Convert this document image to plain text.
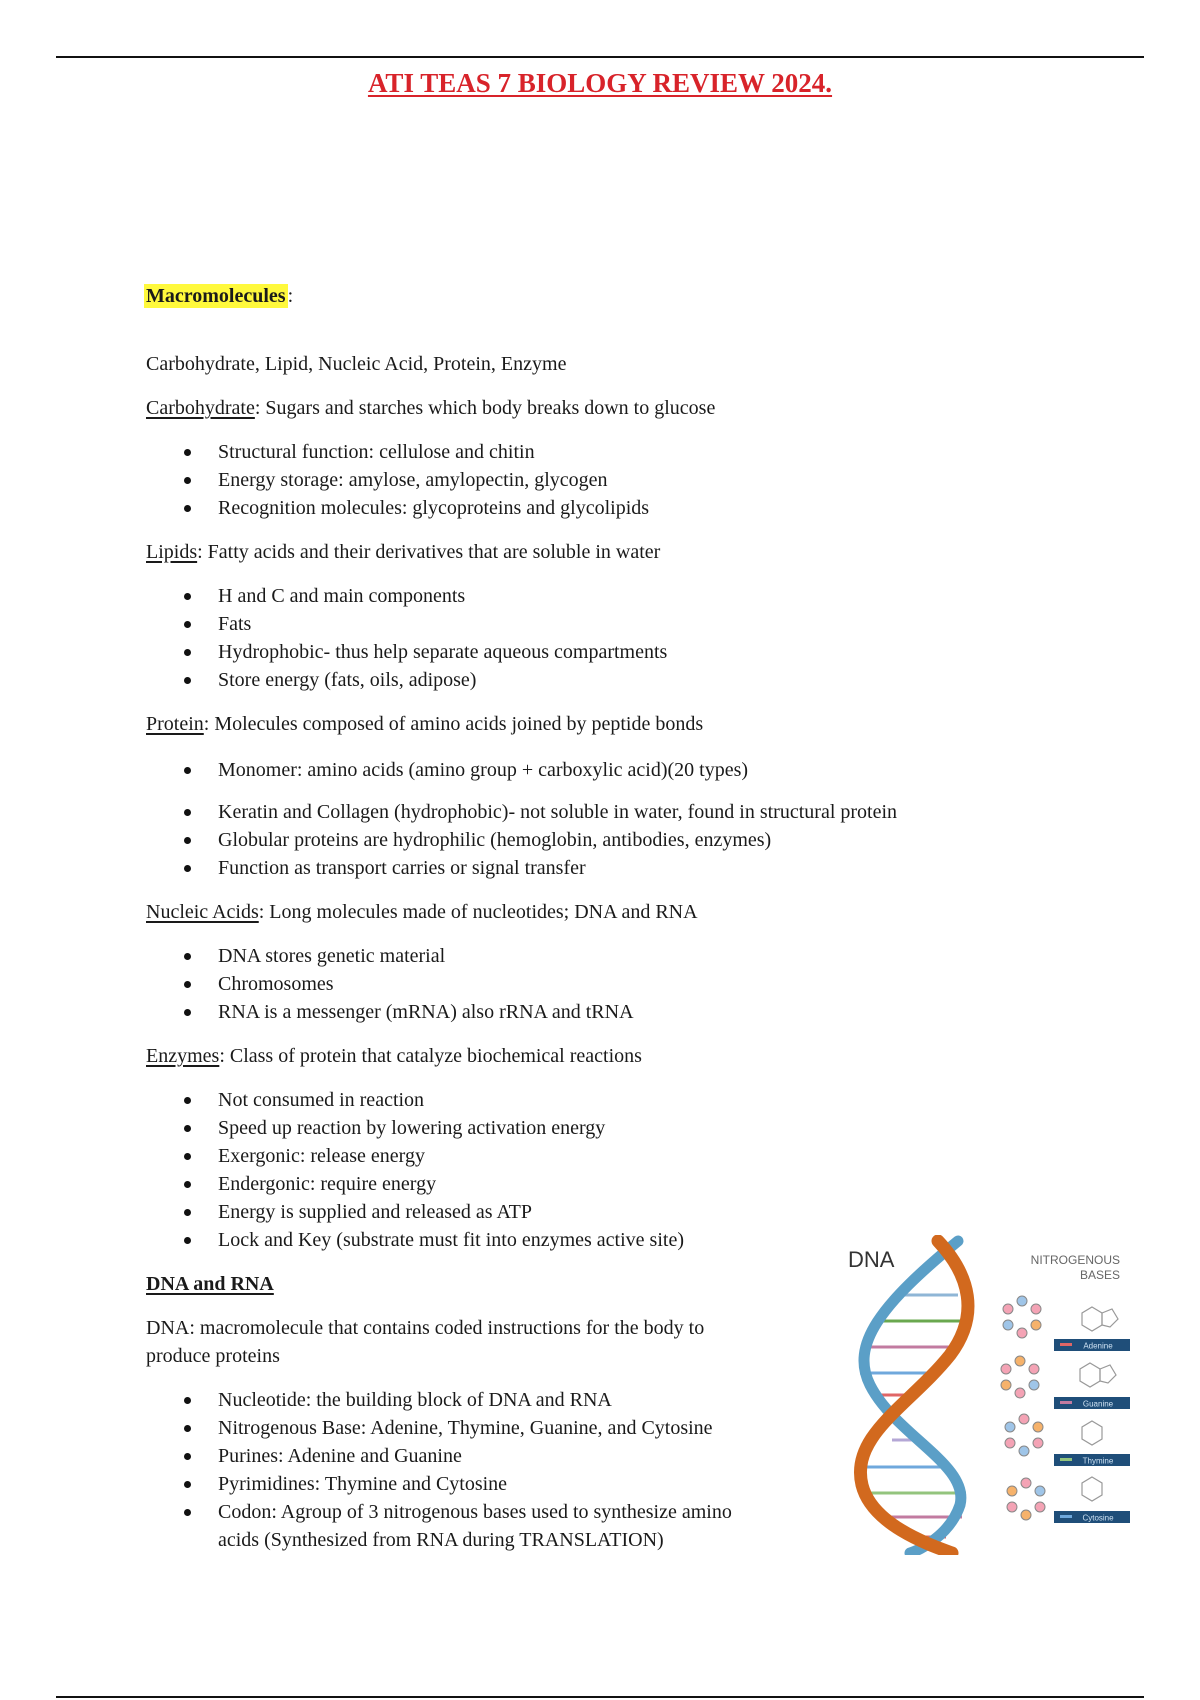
ATI TEAS 7 BIOLOGY REVIEW 2024.

Macromolecules :

Carbohydrate, Lipid, Nucleic Acid, Protein, Enzyme

Carbohydrate: Sugars and starches which body breaks down to glucose

Structural function: cellulose and chitin
Energy storage: amylose, amylopectin, glycogen
Recognition molecules: glycoproteins and glycolipids

Lipids: Fatty acids and their derivatives that are soluble in water

H and C and main components
Fats
Hydrophobic- thus help separate aqueous compartments
Store energy (fats, oils, adipose)

Protein: Molecules composed of amino acids joined by peptide bonds

Monomer: amino acids (amino group + carboxylic acid)(20 types)
Keratin and Collagen (hydrophobic)- not soluble in water, found in structural protein
Globular proteins are hydrophilic (hemoglobin, antibodies, enzymes)
Function as transport carries or signal transfer

Nucleic Acids: Long molecules made of nucleotides; DNA and RNA

DNA stores genetic material
Chromosomes
RNA is a messenger (mRNA) also rRNA and tRNA

Enzymes: Class of protein that catalyze biochemical reactions

Not consumed in reaction
Speed up reaction by lowering activation energy
Exergonic: release energy
Endergonic: require energy
Energy is supplied and released as ATP
Lock and Key (substrate must fit into enzymes active site)

DNA and RNA

DNA: macromolecule that contains coded instructions for the body to
produce proteins

Nucleotide: the building block of DNA and RNA
Nitrogenous Base: Adenine, Thymine, Guanine, and Cytosine
Purines: Adenine and Guanine
Pyrimidines: Thymine and Cytosine
Codon: Agroup of 3 nitrogenous bases used to synthesize amino
acids (Synthesized from RNA during TRANSLATION)
DNA	NITROGENOUS
BASES
Adenine
Guanine
Thymine
Cytosine
